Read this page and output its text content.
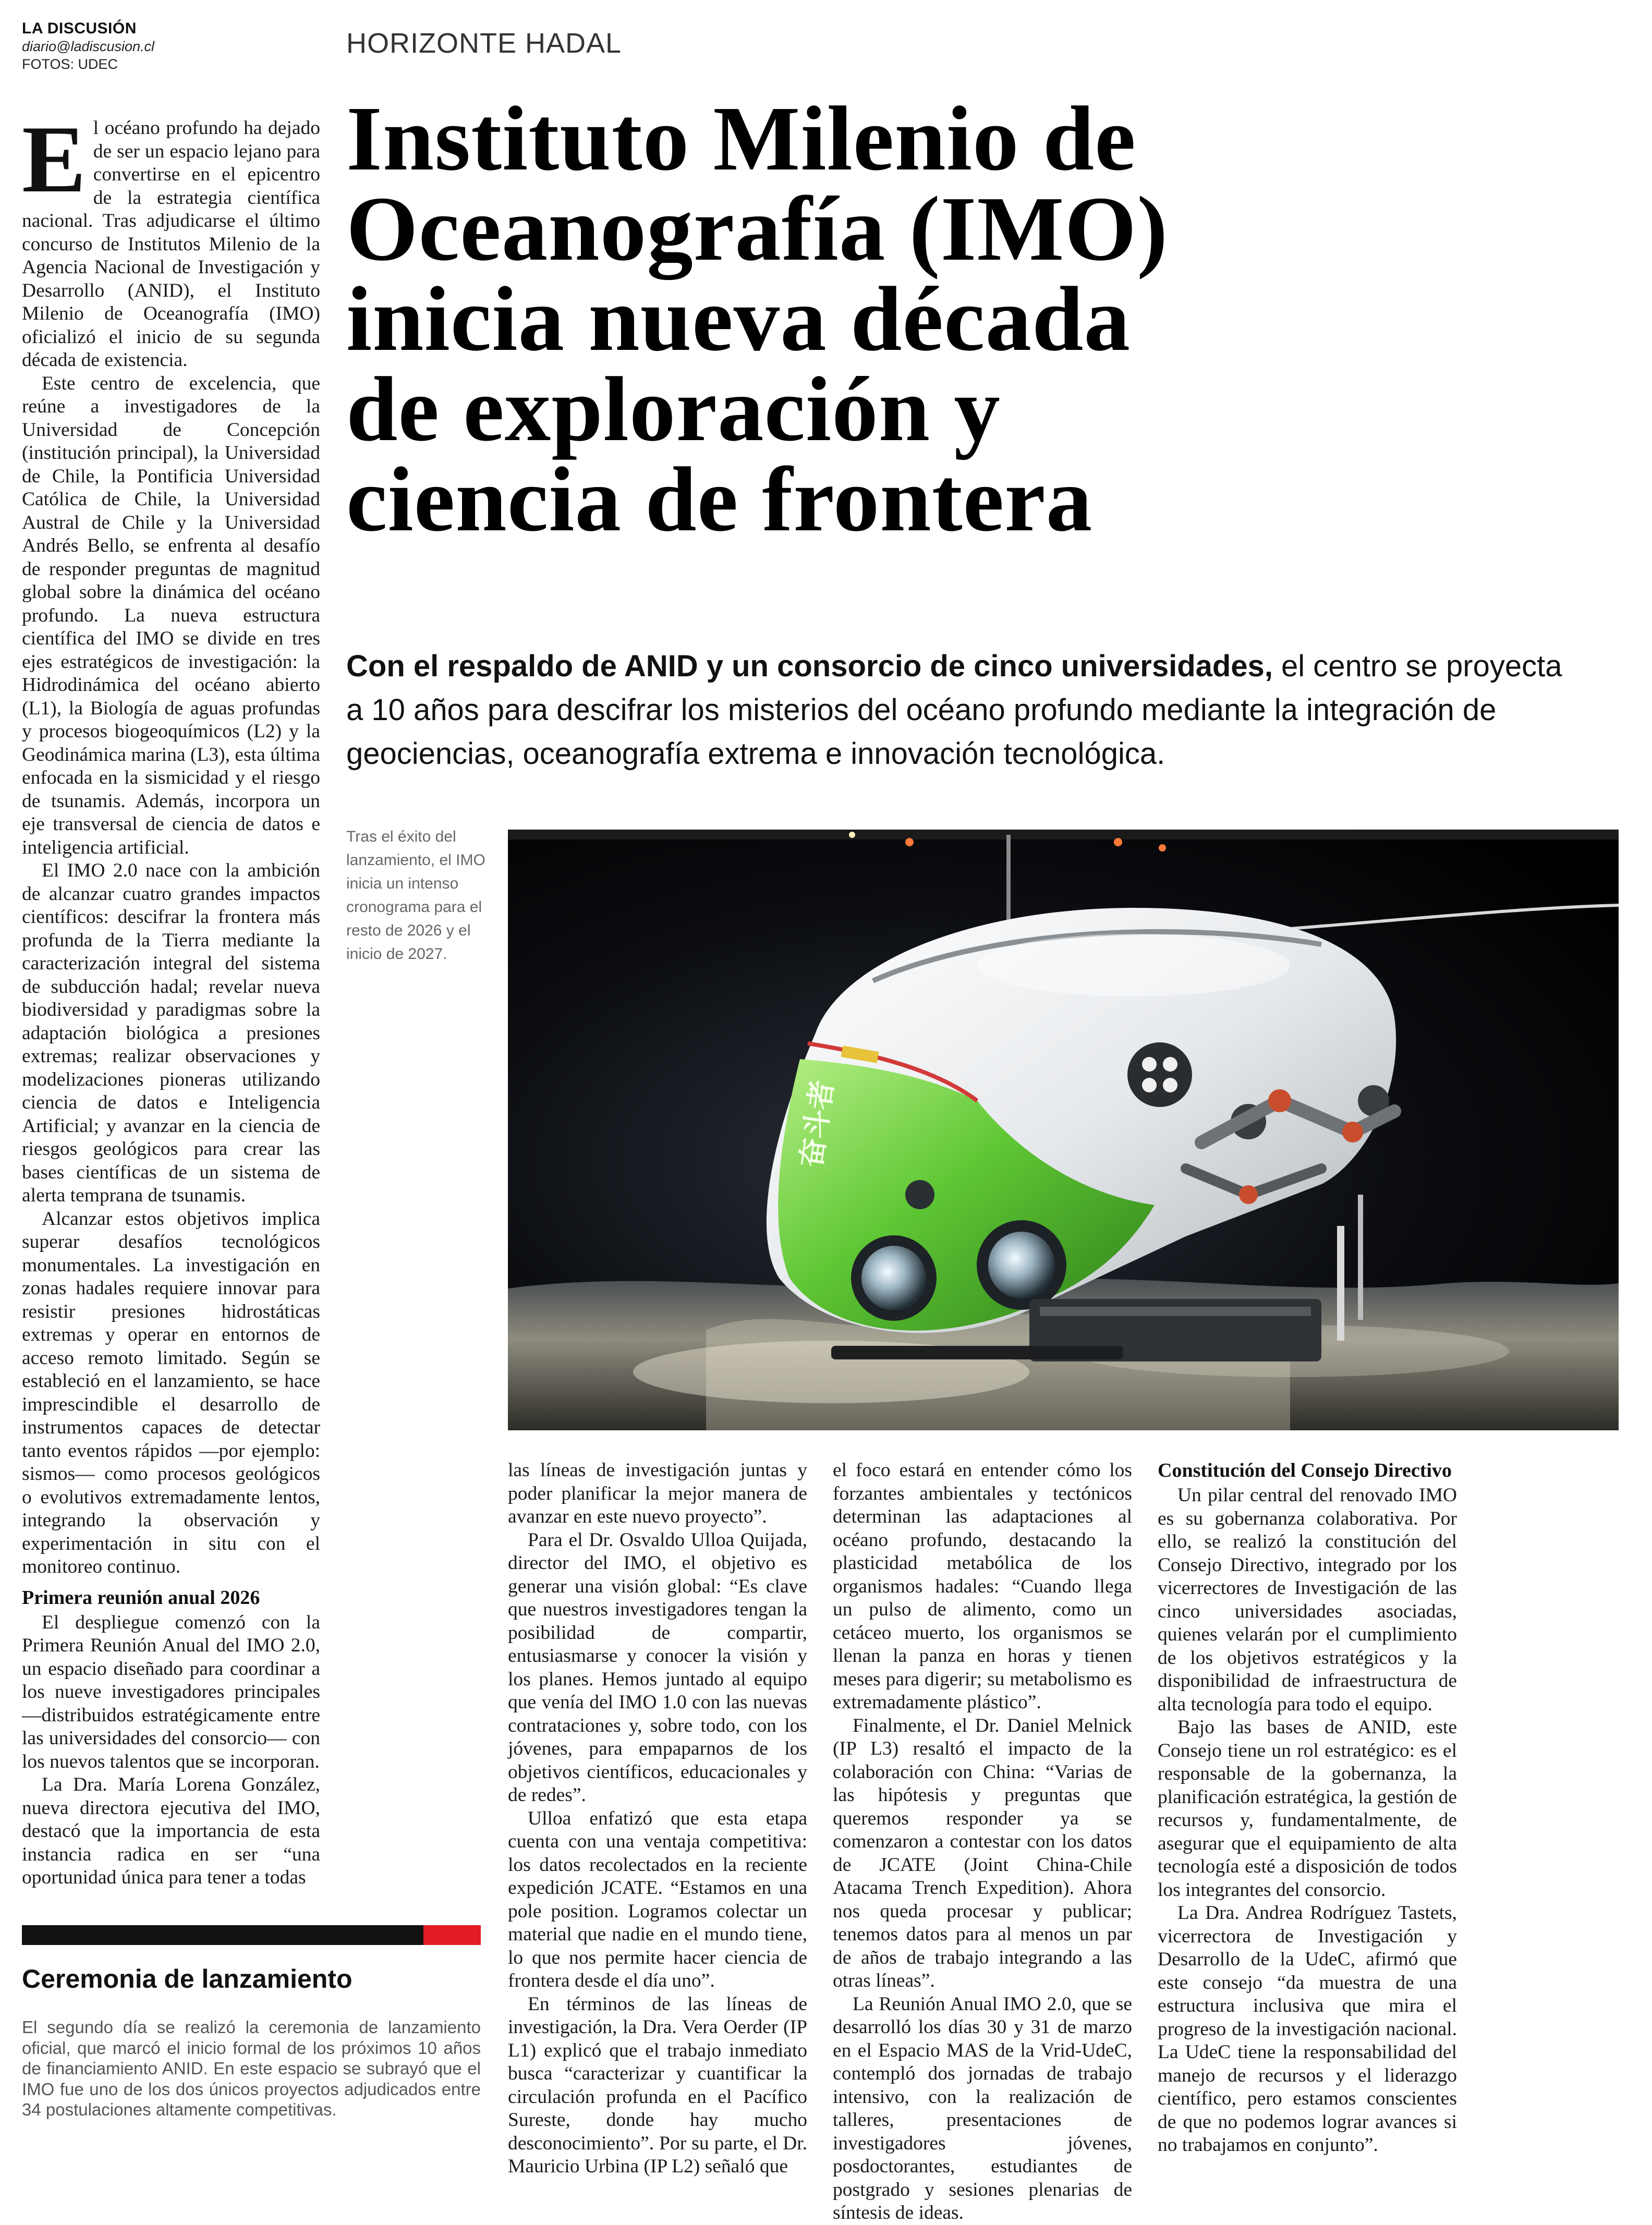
LA DISCUSIÓN
diario@ladiscusion.cl
FOTOS: UDEC
HORIZONTE HADAL
Instituto Milenio de
Oceanografía (IMO)
inicia nueva década
de exploración y
ciencia de frontera

Con el respaldo de ANID y un consorcio de cinco universidades, el centro se proyecta a 10 años para descifrar los misterios del océano profundo mediante la integración de geociencias, oceanografía extrema e innovación tecnológica.

Tras el éxito del lanzamiento, el IMO inicia un intenso cronograma para el resto de 2026 y el inicio de 2027.
奋斗者

El océano profundo ha dejado de ser un espacio lejano para convertirse en el epicentro de la estrategia científica nacional. Tras adjudicarse el último concurso de Institutos Milenio de la Agencia Nacional de Investigación y Desarrollo (ANID), el Instituto Milenio de Oceanografía (IMO) oficializó el inicio de su segunda década de existencia.

Este centro de excelencia, que reúne a investigadores de la Universidad de Concepción (institución principal), la Universidad de Chile, la Pontificia Universidad Católica de Chile, la Universidad Austral de Chile y la Universidad Andrés Bello, se enfrenta al desafío de responder preguntas de magnitud global sobre la dinámica del océano profundo. La nueva estructura científica del IMO se divide en tres ejes estratégicos de investigación: la Hidrodinámica del océano abierto (L1), la Biología de aguas profundas y procesos biogeoquímicos (L2) y la Geodinámica marina (L3), esta última enfocada en la sismicidad y el riesgo de tsunamis. Además, incorpora un eje transversal de ciencia de datos e inteligencia artificial.

El IMO 2.0 nace con la ambición de alcanzar cuatro grandes impactos científicos: descifrar la frontera más profunda de la Tierra mediante la caracterización integral del sistema de subducción hadal; revelar nueva biodiversidad y paradigmas sobre la adaptación biológica a presiones extremas; realizar observaciones y modelizaciones pioneras utilizando ciencia de datos e Inteligencia Artificial; y avanzar en la ciencia de riesgos geológicos para crear las bases científicas de un sistema de alerta temprana de tsunamis.

Alcanzar estos objetivos implica superar desafíos tecnológicos monumentales. La investigación en zonas hadales requiere innovar para resistir presiones hidrostáticas extremas y operar en entornos de acceso remoto limitado. Según se estableció en el lanzamiento, se hace imprescindible el desarrollo de instrumentos capaces de detectar tanto eventos rápidos —por ejemplo: sismos— como procesos geológicos o evolutivos extremadamente lentos, integrando la observación y experimentación in situ con el monitoreo continuo.

Primera reunión anual 2026

El despliegue comenzó con la Primera Reunión Anual del IMO 2.0, un espacio diseñado para coordinar a los nueve investigadores principales —distribuidos estratégicamente entre las universidades del consorcio— con los nuevos talentos que se incorporan.

La Dra. María Lorena González, nueva directora ejecutiva del IMO, destacó que la importancia de esta instancia radica en ser “una oportunidad única para tener a todas

las líneas de investigación juntas y poder planificar la mejor manera de avanzar en este nuevo proyecto”.

Para el Dr. Osvaldo Ulloa Quijada, director del IMO, el objetivo es generar una visión global: “Es clave que nuestros investigadores tengan la posibilidad de compartir, entusiasmarse y conocer la visión y los planes. Hemos juntado al equipo que venía del IMO 1.0 con las nuevas contrataciones y, sobre todo, con los jóvenes, para empaparnos de los objetivos científicos, educacionales y de redes”.

Ulloa enfatizó que esta etapa cuenta con una ventaja competitiva: los datos recolectados en la reciente expedición JCATE. “Estamos en una pole position. Logramos colectar un material que nadie en el mundo tiene, lo que nos permite hacer ciencia de frontera desde el día uno”.

En términos de las líneas de investigación, la Dra. Vera Oerder (IP L1) explicó que el trabajo inmediato busca “caracterizar y cuantificar la circulación profunda en el Pacífico Sureste, donde hay mucho desconocimiento”. Por su parte, el Dr. Mauricio Urbina (IP L2) señaló que

el foco estará en entender cómo los forzantes ambientales y tectónicos determinan las adaptaciones al océano profundo, destacando la plasticidad metabólica de los organismos hadales: “Cuando llega un pulso de alimento, como un cetáceo muerto, los organismos se llenan la panza en horas y tienen meses para digerir; su metabolismo es extremadamente plástico”.

Finalmente, el Dr. Daniel Melnick (IP L3) resaltó el impacto de la colaboración con China: “Varias de las hipótesis y preguntas que queremos responder ya se comenzaron a contestar con los datos de JCATE (Joint China-Chile Atacama Trench Expedition). Ahora nos queda procesar y publicar; tenemos datos para al menos un par de años de trabajo integrando a las otras líneas”.

La Reunión Anual IMO 2.0, que se desarrolló los días 30 y 31 de marzo en el Espacio MAS de la Vrid-UdeC, contempló dos jornadas de trabajo intensivo, con la realización de talleres, presentaciones de investigadores jóvenes, posdoctorantes, estudiantes de postgrado y sesiones plenarias de síntesis de ideas.

Constitución del Consejo Directivo

Un pilar central del renovado IMO es su gobernanza colaborativa. Por ello, se realizó la constitución del Consejo Directivo, integrado por los vicerrectores de Investigación de las cinco universidades asociadas, quienes velarán por el cumplimiento de los objetivos estratégicos y la disponibilidad de infraestructura de alta tecnología para todo el equipo.

Bajo las bases de ANID, este Consejo tiene un rol estratégico: es el responsable de la gobernanza, la planificación estratégica, la gestión de recursos y, fundamentalmente, de asegurar que el equipamiento de alta tecnología esté a disposición de todos los integrantes del consorcio.

La Dra. Andrea Rodríguez Tastets, vicerrectora de Investigación y Desarrollo de la UdeC, afirmó que este consejo “da muestra de una estructura inclusiva que mira el progreso de la investigación nacional. La UdeC tiene la responsabilidad del manejo de recursos y el liderazgo científico, pero estamos conscientes de que no podemos lograr avances si no trabajamos en conjunto”.

Ceremonia de lanzamiento
El segundo día se realizó la ceremonia de lanzamiento oficial, que marcó el inicio formal de los próximos 10 años de financiamiento ANID. En este espacio se subrayó que el IMO fue uno de los dos únicos proyectos adjudicados entre 34 postulaciones altamente competitivas.
